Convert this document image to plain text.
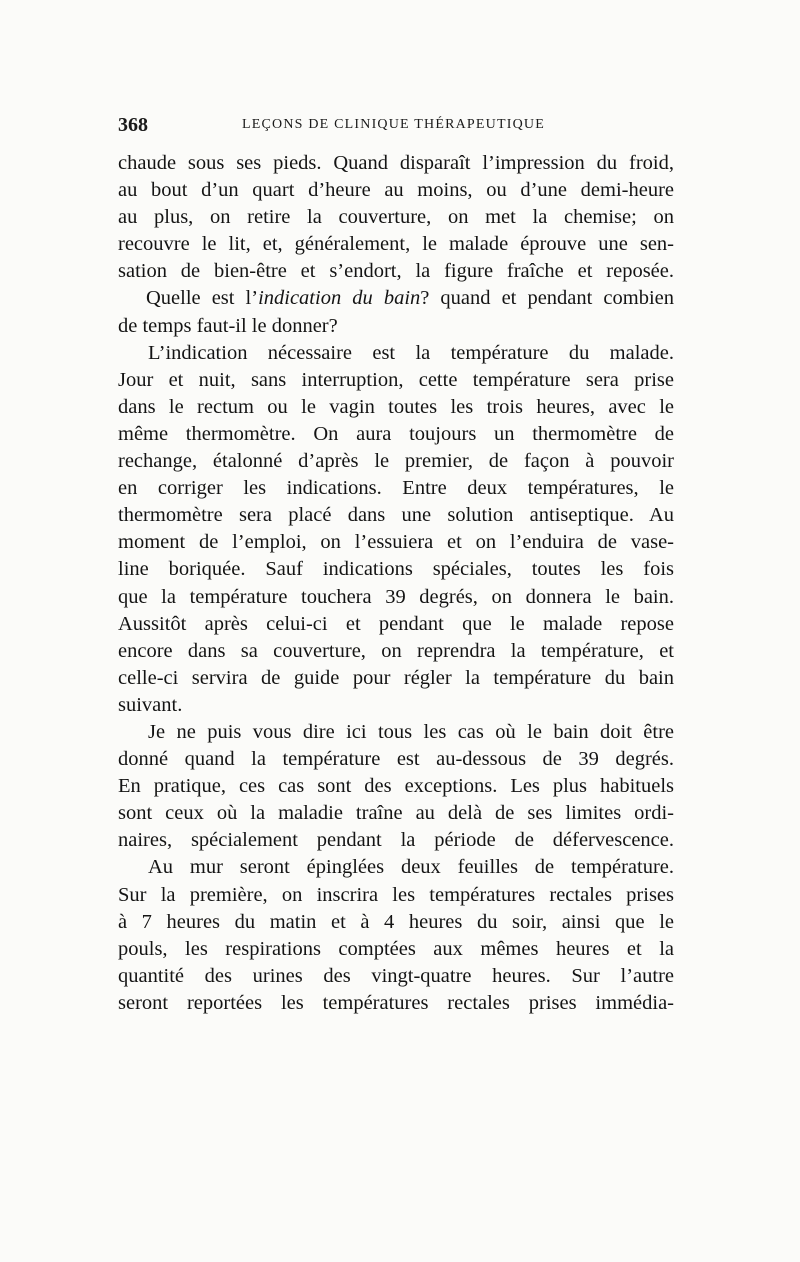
368	LEÇONS DE CLINIQUE THÉRAPEUTIQUE
chaude sous ses pieds. Quand disparaît l’impression du froid,
au bout d’un quart d’heure au moins, ou d’une demi-heure
au plus, on retire la couverture, on met la chemise; on
recouvre le lit, et, généralement, le malade éprouve une sen-
sation de bien-être et s’endort, la figure fraîche et reposée.
Quelle est l’indication du bain? quand et pendant combien
de temps faut-il le donner?
L’indication nécessaire est la température du malade.
Jour et nuit, sans interruption, cette température sera prise
dans le rectum ou le vagin toutes les trois heures, avec le
même thermomètre. On aura toujours un thermomètre de
rechange, étalonné d’après le premier, de façon à pouvoir
en corriger les indications. Entre deux températures, le
thermomètre sera placé dans une solution antiseptique. Au
moment de l’emploi, on l’essuiera et on l’enduira de vase-
line boriquée. Sauf indications spéciales, toutes les fois
que la température touchera 39 degrés, on donnera le bain.
Aussitôt après celui-ci et pendant que le malade repose
encore dans sa couverture, on reprendra la température, et
celle-ci servira de guide pour régler la température du bain
suivant.
Je ne puis vous dire ici tous les cas où le bain doit être
donné quand la température est au-dessous de 39 degrés.
En pratique, ces cas sont des exceptions. Les plus habituels
sont ceux où la maladie traîne au delà de ses limites ordi-
naires, spécialement pendant la période de défervescence.
Au mur seront épinglées deux feuilles de température.
Sur la première, on inscrira les températures rectales prises
à 7 heures du matin et à 4 heures du soir, ainsi que le
pouls, les respirations comptées aux mêmes heures et la
quantité des urines des vingt-quatre heures. Sur l’autre
seront reportées les températures rectales prises immédia-
